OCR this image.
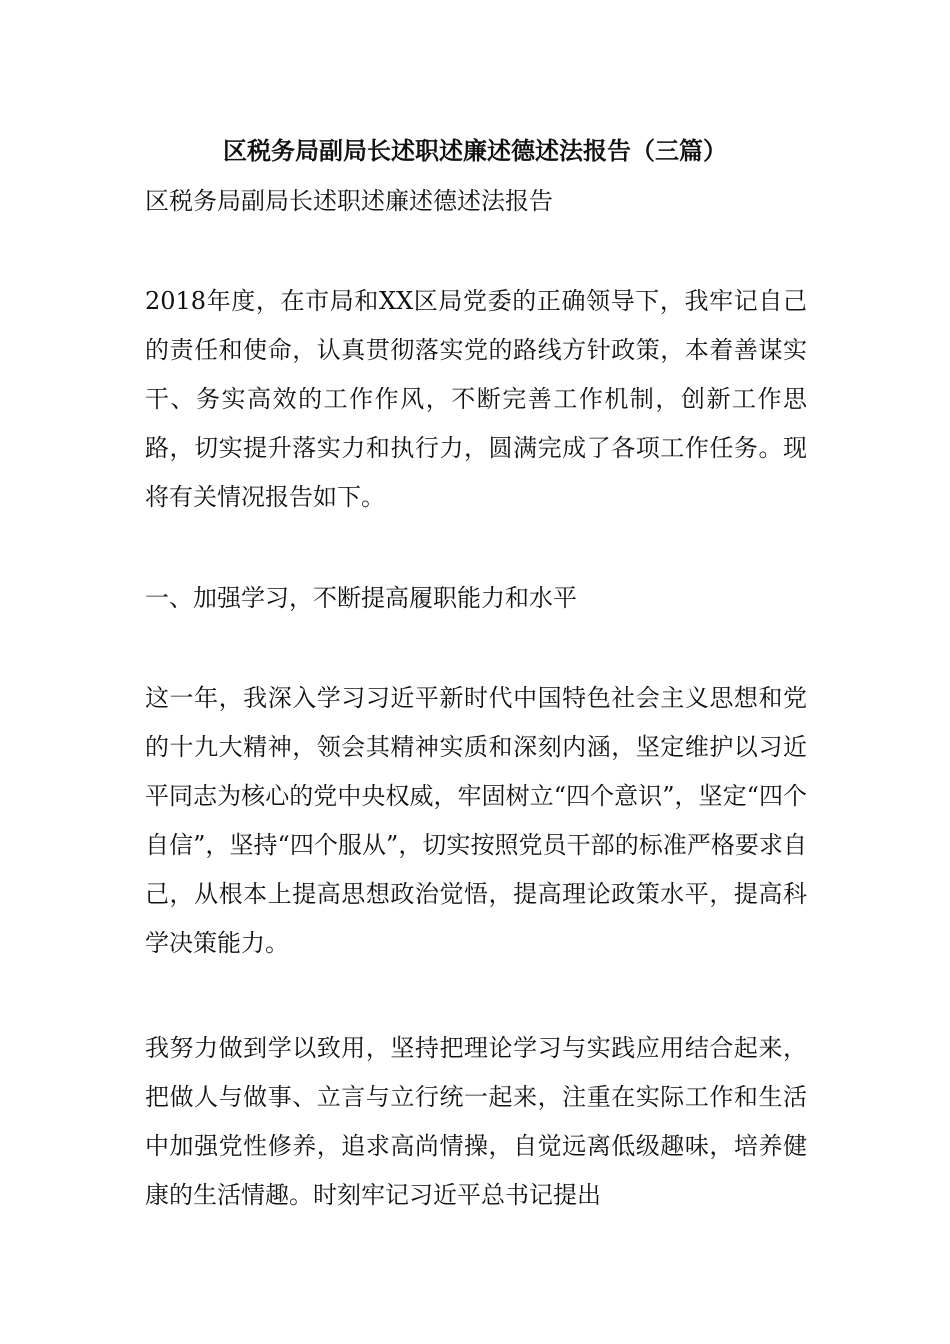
区税务局副局长述职述廉述德述法报告（三篇）
区税务局副局长述职述廉述德述法报告
2018年度，在市局和XX区局党委的正确领导下，我牢记自己的责任和使命，认真贯彻落实党的路线方针政策，本着善谋实干、务实高效的工作作风，不断完善工作机制，创新工作思路，切实提升落实力和执行力，圆满完成了各项工作任务。现将有关情况报告如下。
一、加强学习，不断提高履职能力和水平
这一年，我深入学习习近平新时代中国特色社会主义思想和党的十九大精神，领会其精神实质和深刻内涵，坚定维护以习近平同志为核心的党中央权威，牢固树立“四个意识”，坚定“四个自信”，坚持“四个服从”，切实按照党员干部的标准严格要求自己，从根本上提高思想政治觉悟，提高理论政策水平，提高科学决策能力。
我努力做到学以致用，坚持把理论学习与实践应用结合起来，把做人与做事、立言与立行统一起来，注重在实际工作和生活中加强党性修养，追求高尚情操，自觉远离低级趣味，培养健康的生活情趣。时刻牢记习近平总书记提出
